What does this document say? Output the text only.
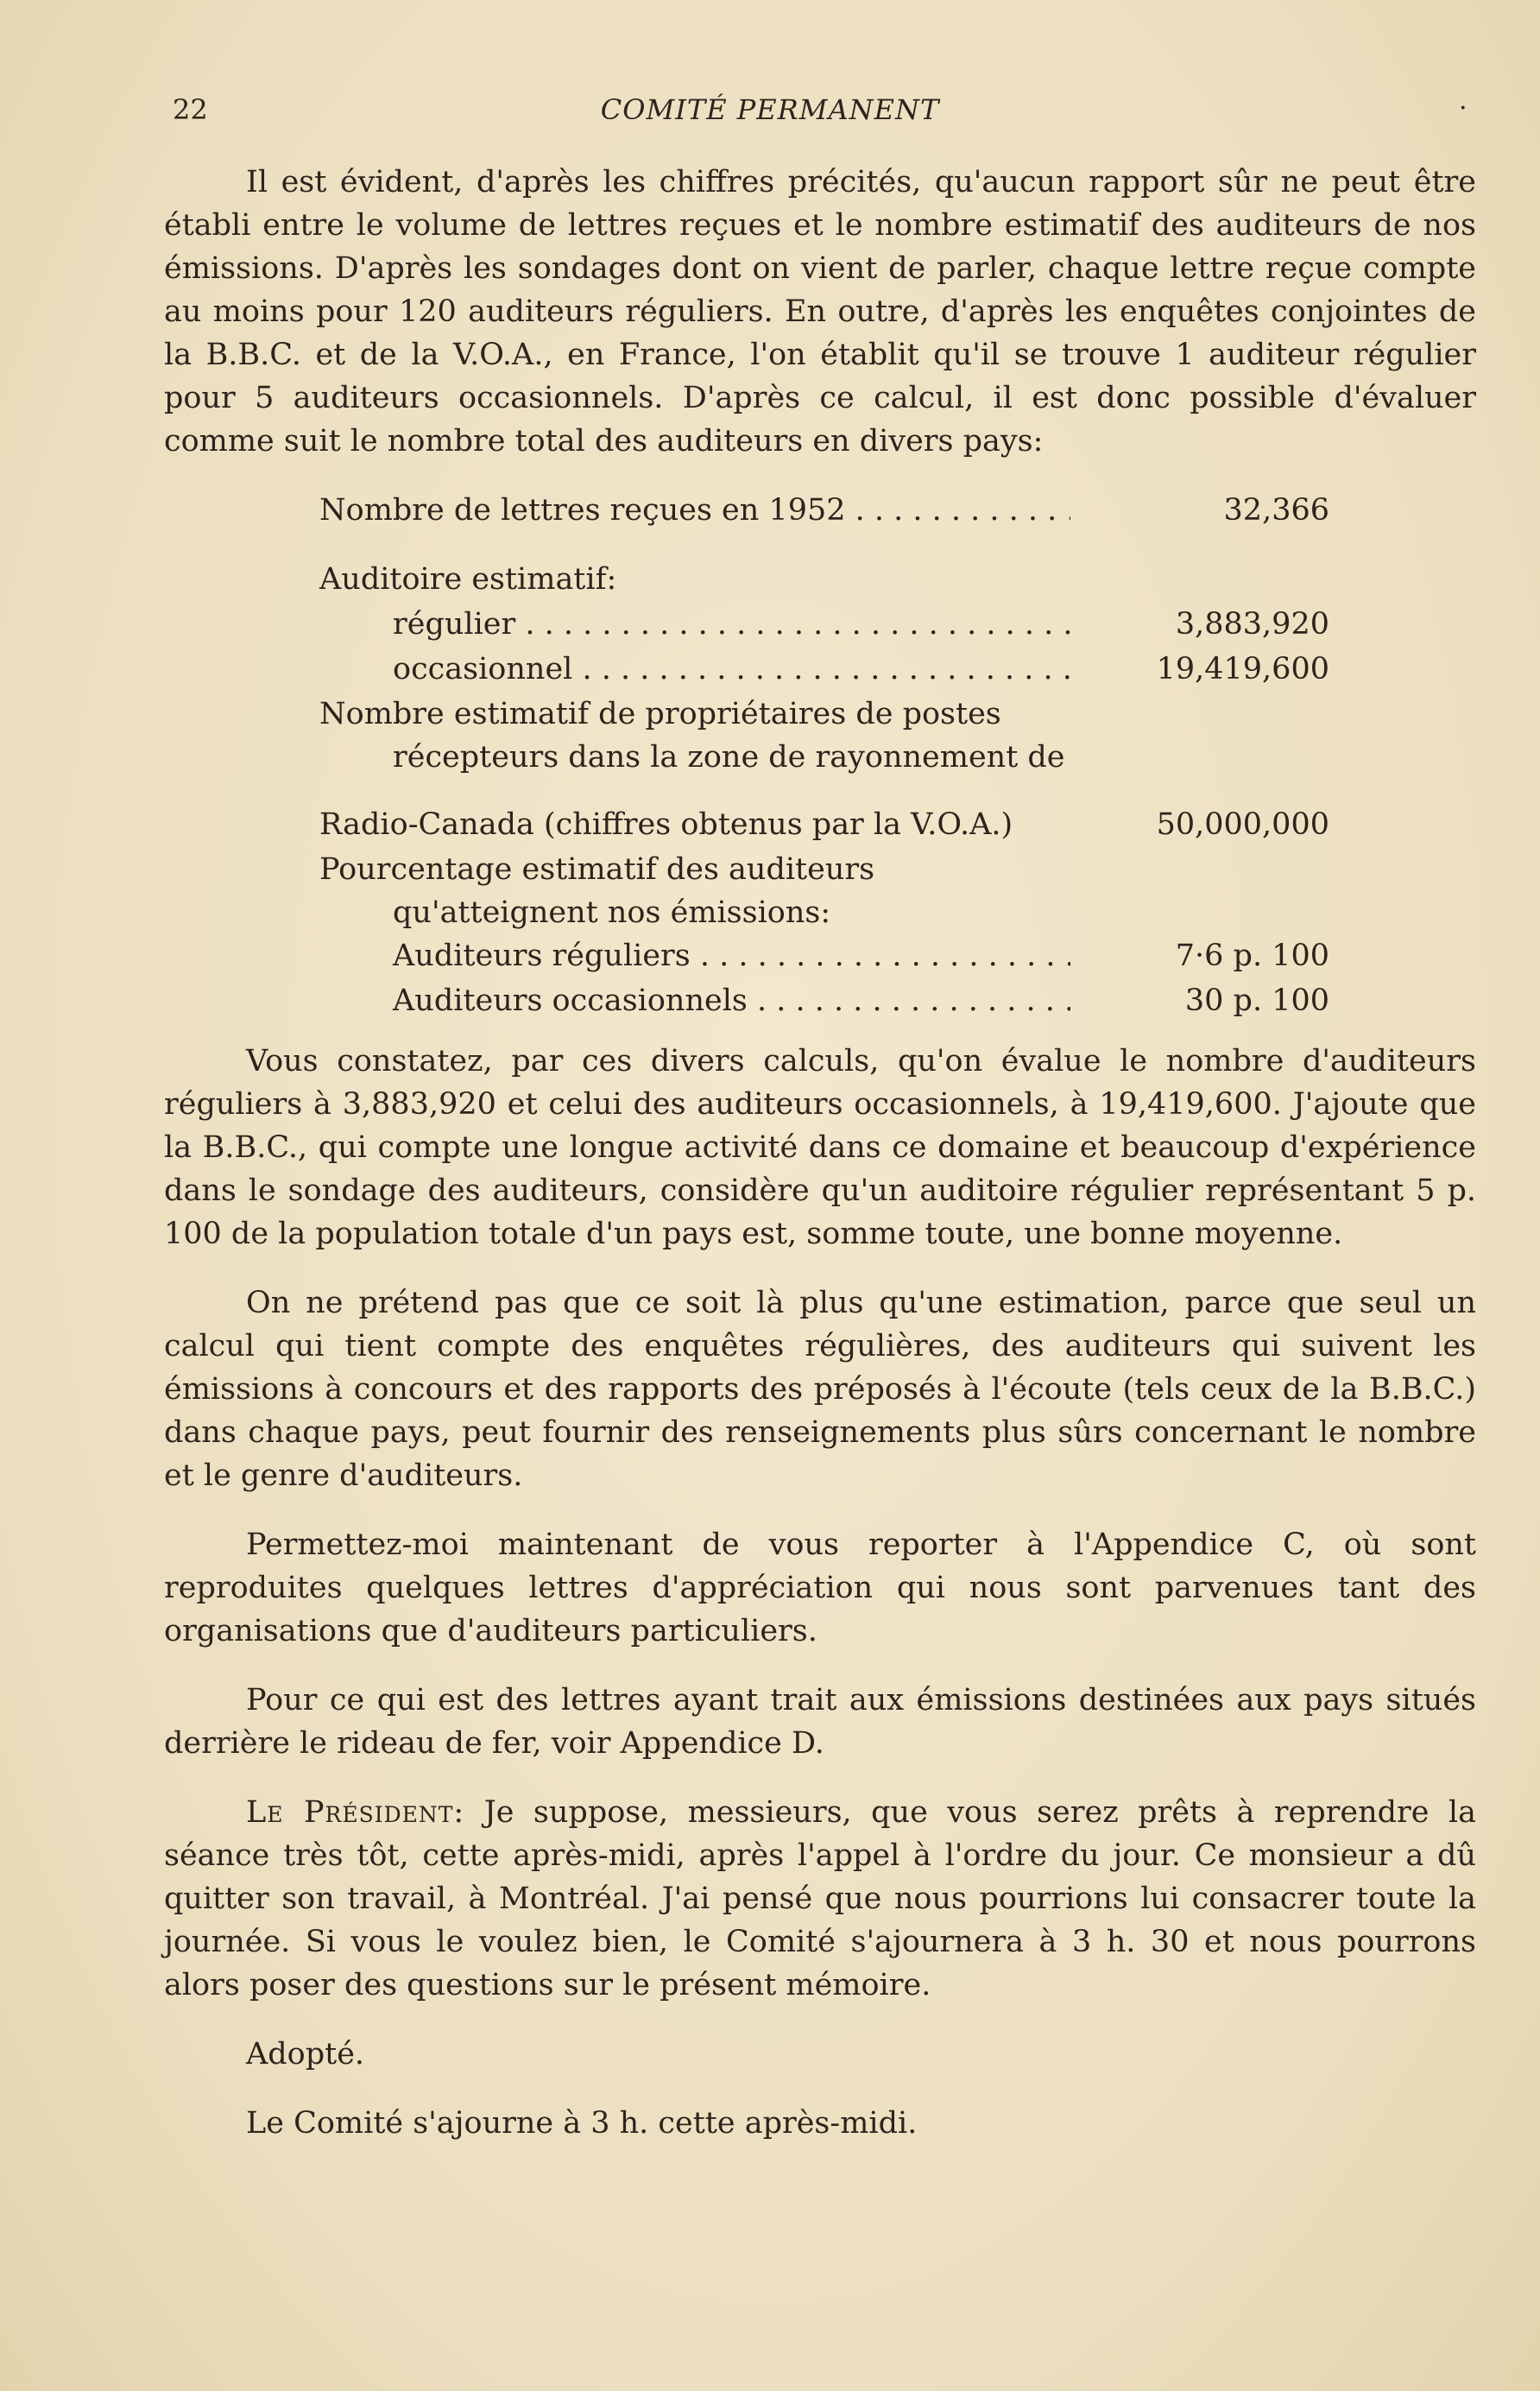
22	COMITÉ PERMANENT	·

Il est évident, d'après les chiffres précités, qu'aucun rapport sûr ne peut être établi entre le volume de lettres reçues et le nombre estimatif des auditeurs de nos émissions. D'après les sondages dont on vient de parler, chaque lettre reçue compte au moins pour 120 auditeurs réguliers. En outre, d'après les enquêtes conjointes de la B.B.C. et de la V.O.A., en France, l'on établit qu'il se trouve 1 auditeur régulier pour 5 auditeurs occasionnels. D'après ce calcul, il est donc possible d'évaluer comme suit le nombre total des auditeurs en divers pays:

Nombre de lettres reçues en 1952 . . .	32,366
Auditoire estimatif:
régulier . . .	3,883,920
occasionnel . . .	19,419,600
Nombre estimatif de propriétaires de postes récepteurs dans la zone de rayonnement de
Radio-Canada (chiffres obtenus par la V.O.A.)	50,000,000
Pourcentage estimatif des auditeurs qu'atteignent nos émissions:
Auditeurs réguliers . . .	7·6 p. 100
Auditeurs occasionnels . . .	30 p. 100

Vous constatez, par ces divers calculs, qu'on évalue le nombre d'auditeurs réguliers à 3,883,920 et celui des auditeurs occasionnels, à 19,419,600. J'ajoute que la B.B.C., qui compte une longue activité dans ce domaine et beaucoup d'expérience dans le sondage des auditeurs, considère qu'un auditoire régulier représentant 5 p. 100 de la population totale d'un pays est, somme toute, une bonne moyenne.

On ne prétend pas que ce soit là plus qu'une estimation, parce que seul un calcul qui tient compte des enquêtes régulières, des auditeurs qui suivent les émissions à concours et des rapports des préposés à l'écoute (tels ceux de la B.B.C.) dans chaque pays, peut fournir des renseignements plus sûrs concernant le nombre et le genre d'auditeurs.

Permettez-moi maintenant de vous reporter à l'Appendice C, où sont reproduites quelques lettres d'appréciation qui nous sont parvenues tant des organisations que d'auditeurs particuliers.

Pour ce qui est des lettres ayant trait aux émissions destinées aux pays situés derrière le rideau de fer, voir Appendice D.

Le Président: Je suppose, messieurs, que vous serez prêts à reprendre la séance très tôt, cette après-midi, après l'appel à l'ordre du jour. Ce monsieur a dû quitter son travail, à Montréal. J'ai pensé que nous pourrions lui consacrer toute la journée. Si vous le voulez bien, le Comité s'ajournera à 3 h. 30 et nous pourrons alors poser des questions sur le présent mémoire.

Adopté.

Le Comité s'ajourne à 3 h. cette après-midi.
